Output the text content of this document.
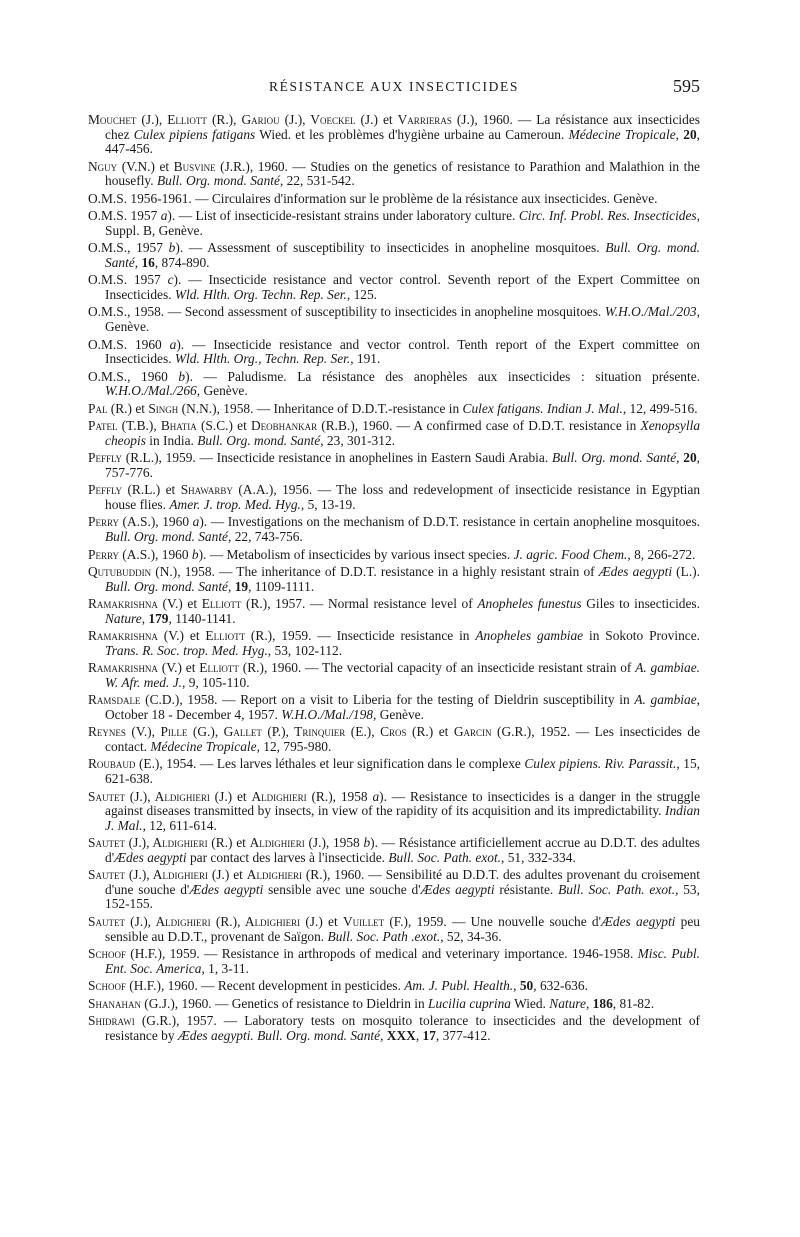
RÉSISTANCE AUX INSECTICIDES	595

Mouchet (J.), Elliott (R.), Gariou (J.), Voeckel (J.) et Varrieras (J.), 1960. — La résistance aux insecticides chez Culex pipiens fatigans Wied. et les problèmes d'hygiène urbaine au Cameroun. Médecine Tropicale, 20, 447-456.

Nguy (V.N.) et Busvine (J.R.), 1960. — Studies on the genetics of resistance to Parathion and Malathion in the housefly. Bull. Org. mond. Santé, 22, 531-542.

O.M.S. 1956-1961. — Circulaires d'information sur le problème de la résistance aux insecticides. Genève.

O.M.S. 1957 a). — List of insecticide-resistant strains under laboratory culture. Circ. Inf. Probl. Res. Insecticides, Suppl. B, Genève.

O.M.S., 1957 b). — Assessment of susceptibility to insecticides in anopheline mosquitoes. Bull. Org. mond. Santé, 16, 874-890.

O.M.S. 1957 c). — Insecticide resistance and vector control. Seventh report of the Expert Committee on Insecticides. Wld. Hlth. Org. Techn. Rep. Ser., 125.

O.M.S., 1958. — Second assessment of susceptibility to insecticides in anopheline mosquitoes. W.H.O./Mal./203, Genève.

O.M.S. 1960 a). — Insecticide resistance and vector control. Tenth report of the Expert committee on Insecticides. Wld. Hlth. Org., Techn. Rep. Ser., 191.

O.M.S., 1960 b). — Paludisme. La résistance des anophèles aux insecticides : situation présente. W.H.O./Mal./266, Genève.

Pal (R.) et Singh (N.N.), 1958. — Inheritance of D.D.T.-resistance in Culex fatigans. Indian J. Mal., 12, 499-516.

Patel (T.B.), Bhatia (S.C.) et Deobhankar (R.B.), 1960. — A confirmed case of D.D.T. resistance in Xenopsylla cheopis in India. Bull. Org. mond. Santé, 23, 301-312.

Peffly (R.L.), 1959. — Insecticide resistance in anophelines in Eastern Saudi Arabia. Bull. Org. mond. Santé, 20, 757-776.

Peffly (R.L.) et Shawarby (A.A.), 1956. — The loss and redevelopment of insecticide resistance in Egyptian house flies. Amer. J. trop. Med. Hyg., 5, 13-19.

Perry (A.S.), 1960 a). — Investigations on the mechanism of D.D.T. resistance in certain anopheline mosquitoes. Bull. Org. mond. Santé, 22, 743-756.

Perry (A.S.), 1960 b). — Metabolism of insecticides by various insect species. J. agric. Food Chem., 8, 266-272.

Qutubuddin (N.), 1958. — The inheritance of D.D.T. resistance in a highly resistant strain of Ædes aegypti (L.). Bull. Org. mond. Santé, 19, 1109-1111.

Ramakrishna (V.) et Elliott (R.), 1957. — Normal resistance level of Anopheles funestus Giles to insecticides. Nature, 179, 1140-1141.

Ramakrishna (V.) et Elliott (R.), 1959. — Insecticide resistance in Anopheles gambiae in Sokoto Province. Trans. R. Soc. trop. Med. Hyg., 53, 102-112.

Ramakrishna (V.) et Elliott (R.), 1960. — The vectorial capacity of an insecticide resistant strain of A. gambiae. W. Afr. med. J., 9, 105-110.

Ramsdale (C.D.), 1958. — Report on a visit to Liberia for the testing of Dieldrin susceptibility in A. gambiae, October 18 - December 4, 1957. W.H.O./Mal./198, Genève.

Reynes (V.), Pille (G.), Gallet (P.), Trinquier (E.), Cros (R.) et Garcin (G.R.), 1952. — Les insecticides de contact. Médecine Tropicale, 12, 795-980.

Roubaud (E.), 1954. — Les larves léthales et leur signification dans le complexe Culex pipiens. Riv. Parassit., 15, 621-638.

Sautet (J.), Aldighieri (J.) et Aldighieri (R.), 1958 a). — Resistance to insecticides is a danger in the struggle against diseases transmitted by insects, in view of the rapidity of its acquisition and its impredictability. Indian J. Mal., 12, 611-614.

Sautet (J.), Aldighieri (R.) et Aldighieri (J.), 1958 b). — Résistance artificiellement accrue au D.D.T. des adultes d'Ædes aegypti par contact des larves à l'insecticide. Bull. Soc. Path. exot., 51, 332-334.

Sautet (J.), Aldighieri (J.) et Aldighieri (R.), 1960. — Sensibilité au D.D.T. des adultes provenant du croisement d'une souche d'Ædes aegypti sensible avec une souche d'Ædes aegypti résistante. Bull. Soc. Path. exot., 53, 152-155.

Sautet (J.), Aldighieri (R.), Aldighieri (J.) et Vuillet (F.), 1959. — Une nouvelle souche d'Ædes aegypti peu sensible au D.D.T., provenant de Saïgon. Bull. Soc. Path .exot., 52, 34-36.

Schoof (H.F.), 1959. — Resistance in arthropods of medical and veterinary importance. 1946-1958. Misc. Publ. Ent. Soc. America, 1, 3-11.

Schoof (H.F.), 1960. — Recent development in pesticides. Am. J. Publ. Health., 50, 632-636.

Shanahan (G.J.), 1960. — Genetics of resistance to Dieldrin in Lucilia cuprina Wied. Nature, 186, 81-82.

Shidrawi (G.R.), 1957. — Laboratory tests on mosquito tolerance to insecticides and the development of resistance by Ædes aegypti. Bull. Org. mond. Santé, XXX, 17, 377-412.
